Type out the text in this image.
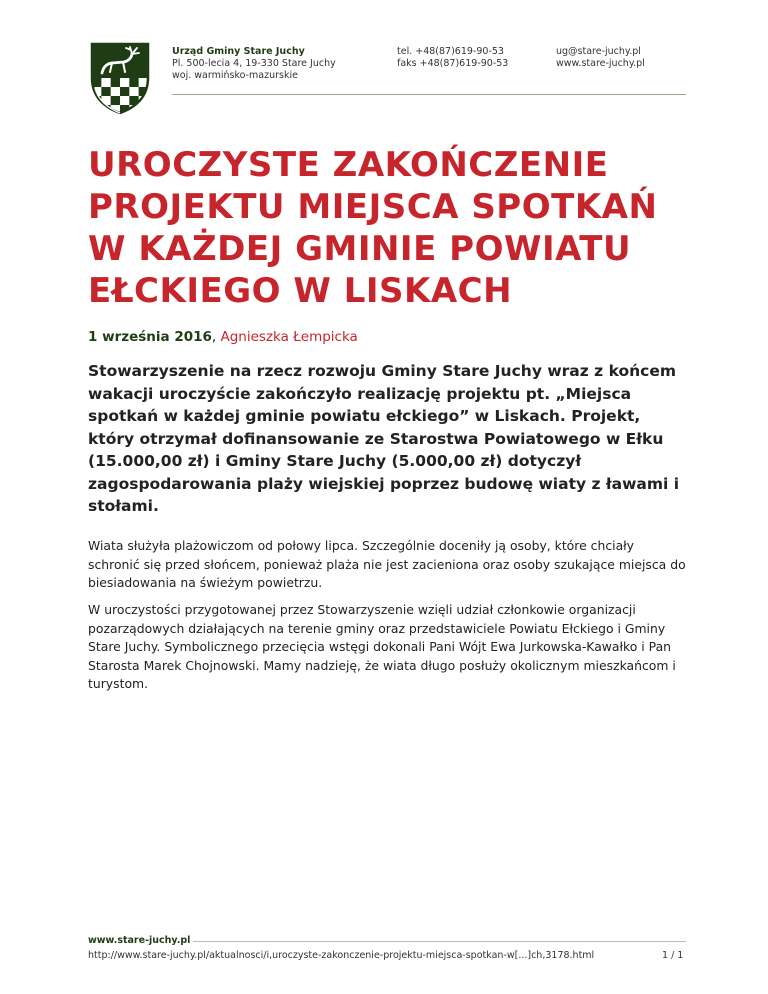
Urząd Gminy Stare Juchy
Pl. 500-lecia 4, 19-330 Stare Juchy
woj. warmińsko-mazurskie
tel. +48(87)619-90-53
faks +48(87)619-90-53
ug@stare-juchy.pl
www.stare-juchy.pl
UROCZYSTE ZAKOŃCZENIE PROJEKTU MIEJSCA SPOTKAŃ W KAŻDEJ GMINIE POWIATU EŁCKIEGO W LISKACH
1 września 2016, Agnieszka Łempicka

Stowarzyszenie na rzecz rozwoju Gminy Stare Juchy wraz z końcem wakacji uroczyście zakończyło realizację projektu pt. „Miejsca spotkań w każdej gminie powiatu ełckiego” w Liskach. Projekt, który otrzymał dofinansowanie ze Starostwa Powiatowego w Ełku (15.000,00 zł) i Gminy Stare Juchy (5.000,00 zł) dotyczył zagospodarowania plaży wiejskiej poprzez budowę wiaty z ławami i stołami.

Wiata służyła plażowiczom od połowy lipca. Szczególnie doceniły ją osoby, które chciały schronić się przed słońcem, ponieważ plaża nie jest zacieniona oraz osoby szukające miejsca do biesiadowania na świeżym powietrzu.

W uroczystości przygotowanej przez Stowarzyszenie wzięli udział członkowie organizacji pozarządowych działających na terenie gminy oraz przedstawiciele Powiatu Ełckiego i Gminy Stare Juchy. Symbolicznego przecięcia wstęgi dokonali Pani Wójt Ewa Jurkowska-Kawałko i Pan Starosta Marek Chojnowski. Mamy nadzieję, że wiata długo posłuży okolicznym mieszkańcom i turystom.

www.stare-juchy.pl
http://www.stare-juchy.pl/aktualnosci/i,uroczyste-zakonczenie-projektu-miejsca-spotkan-w[...]ch,3178.html	1 / 1
